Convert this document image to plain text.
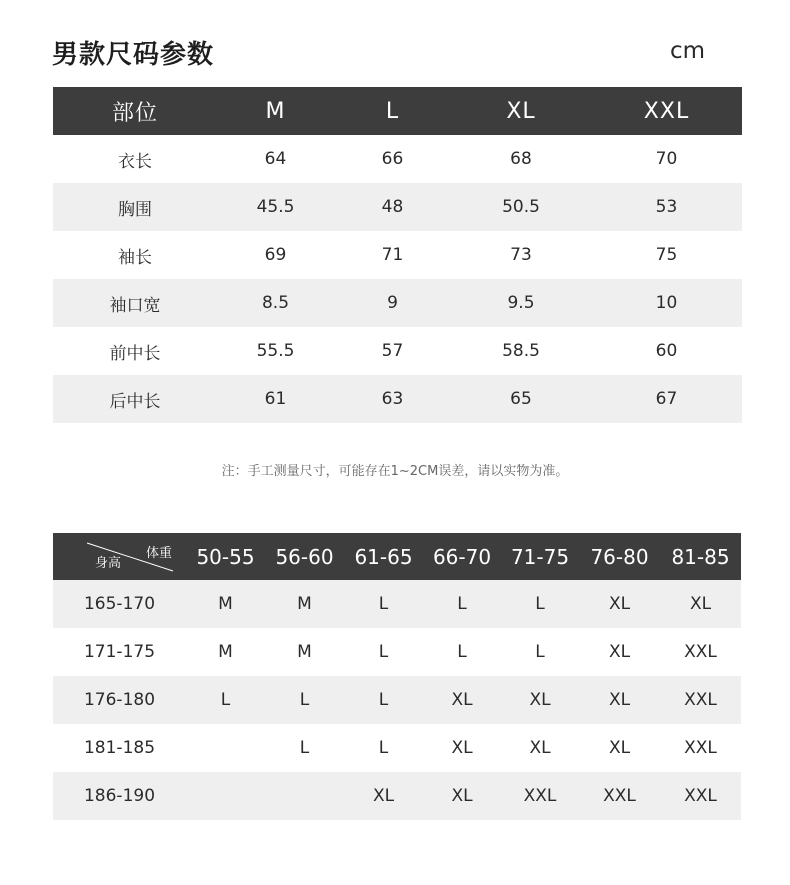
男款尺码参数	cm
部位	M	L	XL	XXL
衣长	64	66	68	70
胸围	45.5	48	50.5	53
袖长	69	71	73	75
袖口宽	8.5	9	9.5	10
前中长	55.5	57	58.5	60
后中长	61	63	65	67
注：手工测量尺寸，可能存在1~2CM误差，请以实物为准。
体重
身高	50-55	56-60	61-65	66-70	71-75	76-80	81-85
165-170	M	M	L	L	L	XL	XL
171-175	M	M	L	L	L	XL	XXL
176-180	L	L	L	XL	XL	XL	XXL
181-185		L	L	XL	XL	XL	XXL
186-190			XL	XL	XXL	XXL	XXL
